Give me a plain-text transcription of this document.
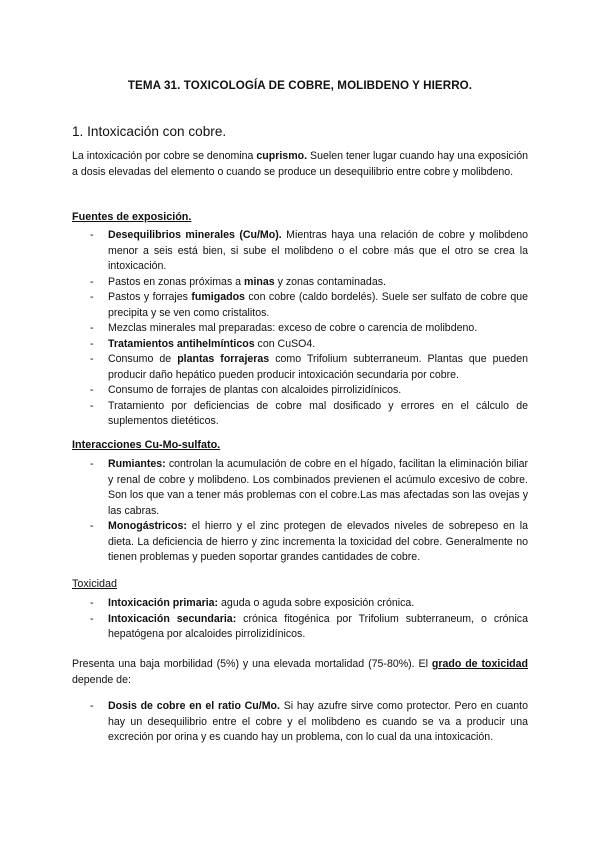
TEMA 31. TOXICOLOGÍA DE COBRE, MOLIBDENO Y HIERRO.
1. Intoxicación con cobre.
La intoxicación por cobre se denomina cuprismo. Suelen tener lugar cuando hay una exposición a dosis elevadas del elemento o cuando se produce un desequilibrio entre cobre y molibdeno.
Fuentes de exposición.
- Desequilibrios minerales (Cu/Mo). Mientras haya una relación de cobre y molibdeno menor a seis está bien, si sube el molibdeno o el cobre más que el otro se crea la intoxicación.
- Pastos en zonas próximas a minas y zonas contaminadas.
- Pastos y forrajes fumigados con cobre (caldo bordelés). Suele ser sulfato de cobre que precipita y se ven como cristalitos.
- Mezclas minerales mal preparadas: exceso de cobre o carencia de molibdeno.
- Tratamientos antihelmínticos con CuSO4.
- Consumo de plantas forrajeras como Trifolium subterraneum. Plantas que pueden producir daño hepático pueden producir intoxicación secundaria por cobre.
- Consumo de forrajes de plantas con alcaloides pirrolizidínicos.
- Tratamiento por deficiencias de cobre mal dosificado y errores en el cálculo de suplementos dietéticos.
Interacciones Cu-Mo-sulfato.
- Rumiantes: controlan la acumulación de cobre en el hígado, facilitan la eliminación biliar y renal de cobre y molibdeno. Los combinados previenen el acúmulo excesivo de cobre. Son los que van a tener más problemas con el cobre.Las mas afectadas son las ovejas y las cabras.
- Monogástricos: el hierro y el zinc protegen de elevados niveles de sobrepeso en la dieta. La deficiencia de hierro y zinc incrementa la toxicidad del cobre. Generalmente no tienen problemas y pueden soportar grandes cantidades de cobre.
Toxicidad
- Intoxicación primaria: aguda o aguda sobre exposición crónica.
- Intoxicación secundaria: crónica fitogénica por Trifolium subterraneum, o crónica hepatógena por alcaloides pirrolizidínicos.
Presenta una baja morbilidad (5%) y una elevada mortalidad (75-80%). El grado de toxicidad depende de:
- Dosis de cobre en el ratio Cu/Mo. Si hay azufre sirve como protector. Pero en cuanto hay un desequilibrio entre el cobre y el molibdeno es cuando se va a producir una excreción por orina y es cuando hay un problema, con lo cual da una intoxicación.
